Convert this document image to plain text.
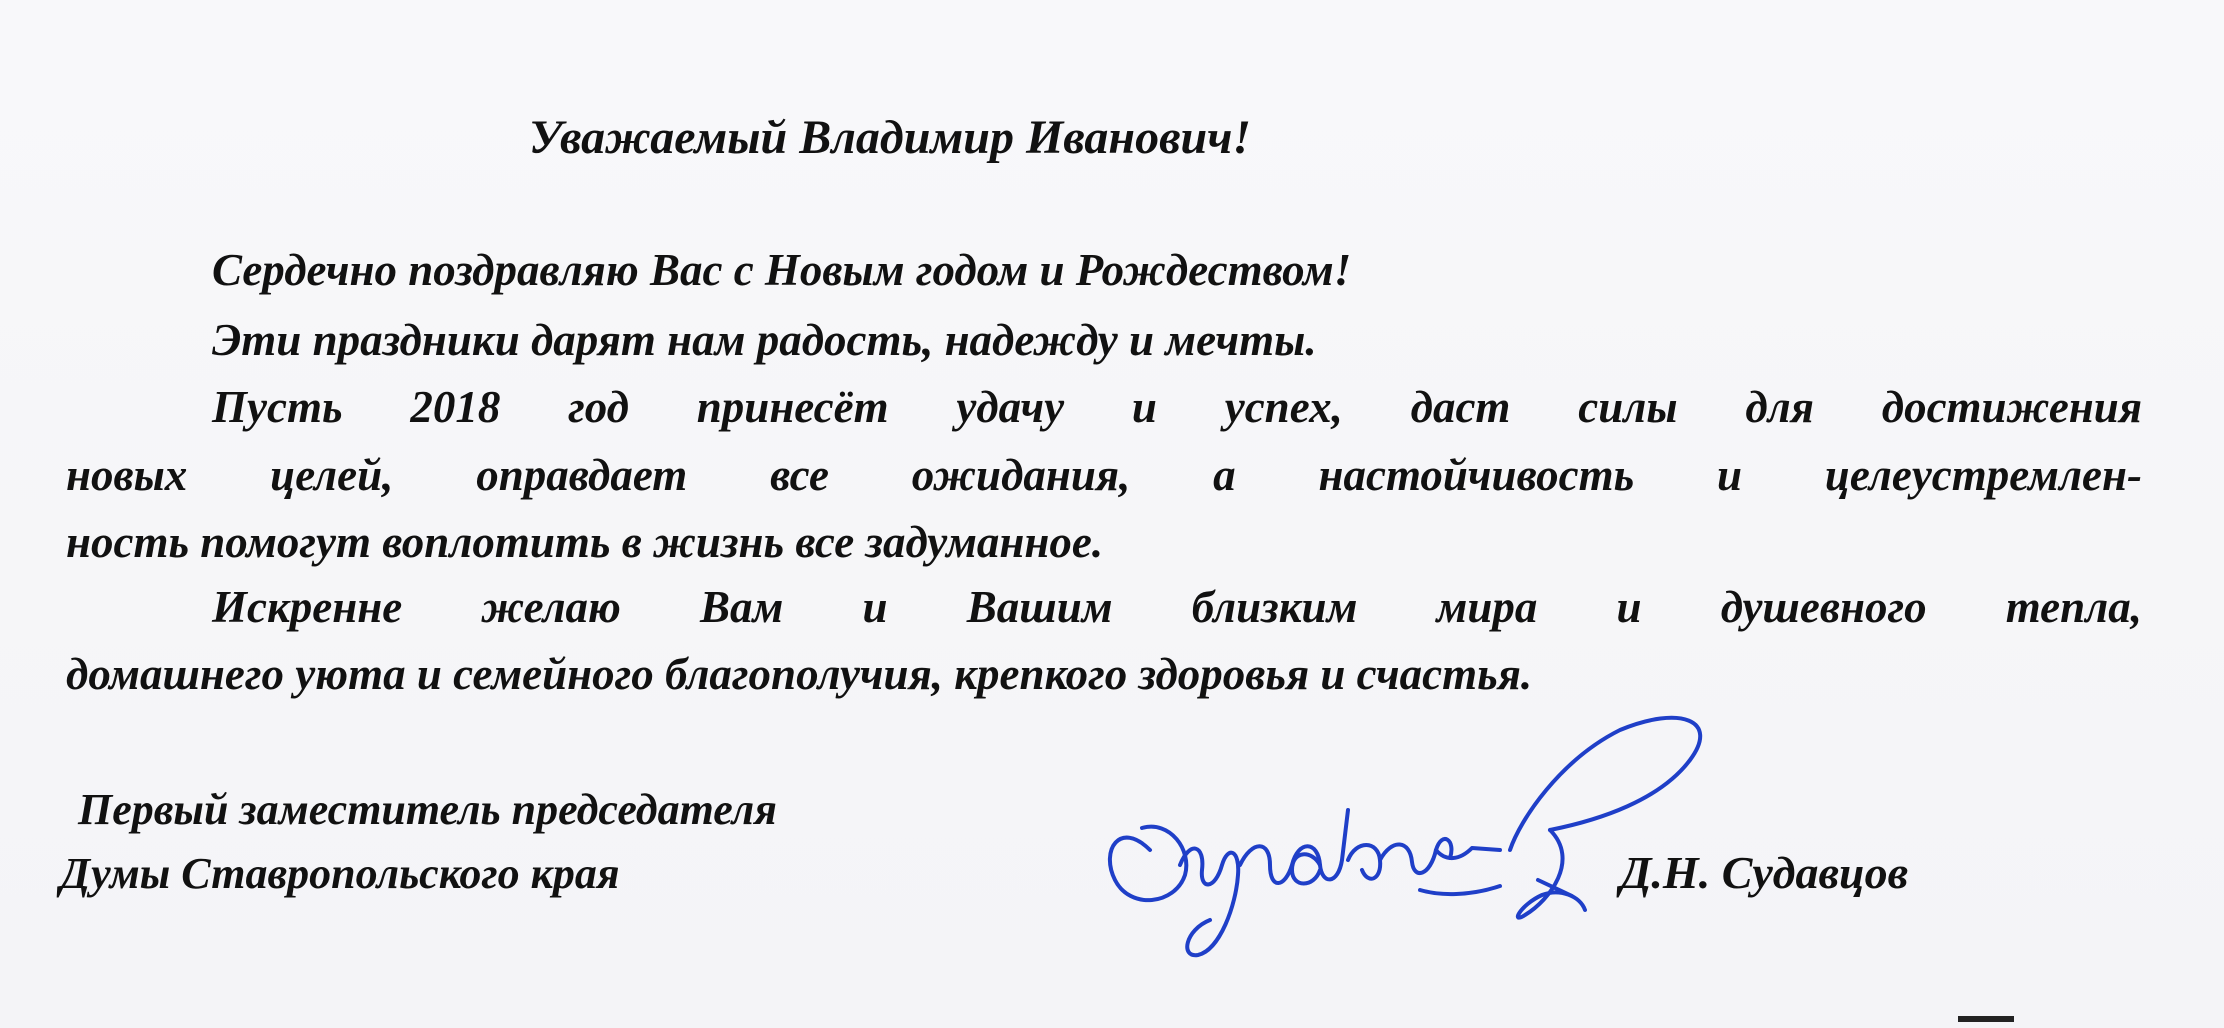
Уважаемый Владимир Иванович!
Сердечно поздравляю Вас с Новым годом и Рождеством!
Эти праздники дарят нам радость, надежду и мечты.
Пусть 2018 год принесёт удачу и успех, даст силы для достижения
новых целей, оправдает все ожидания, а настойчивость и целеустремлен-
ность помогут воплотить в жизнь все задуманное.
Искренне желаю Вам и Вашим близким мира и душевного тепла,
домашнего уюта и семейного благополучия, крепкого здоровья и счастья.
Первый заместитель председателя
Думы Ставропольского края	Д.Н. Судавцов
